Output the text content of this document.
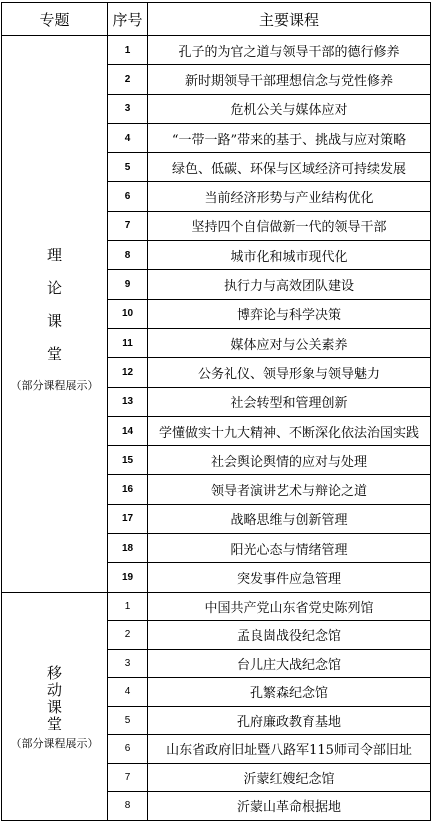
专题	序号	主要课程

理
论
课
堂
（部分课程展示）	1	孔子的为官之道与领导干部的德行修养
	2	新时期领导干部理想信念与党性修养
	3	危机公关与媒体应对
	4	“一带一路”带来的基于、挑战与应对策略
	5	绿色、低碳、环保与区域经济可持续发展
	6	当前经济形势与产业结构优化
	7	坚持四个自信做新一代的领导干部
	8	城市化和城市现代化
	9	执行力与高效团队建设
	10	博弈论与科学决策
	11	媒体应对与公关素养
	12	公务礼仪、领导形象与领导魅力
	13	社会转型和管理创新
	14	学懂做实十九大精神、不断深化依法治国实践
	15	社会舆论舆情的应对与处理
	16	领导者演讲艺术与辩论之道
	17	战略思维与创新管理
	18	阳光心态与情绪管理
	19	突发事件应急管理

移
动
课
堂
（部分课程展示）	1	中国共产党山东省党史陈列馆
	2	孟良崮战役纪念馆
	3	台儿庄大战纪念馆
	4	孔繁森纪念馆
	5	孔府廉政教育基地
	6	山东省政府旧址暨八路军115师司令部旧址
	7	沂蒙红嫂纪念馆
	8	沂蒙山革命根据地
